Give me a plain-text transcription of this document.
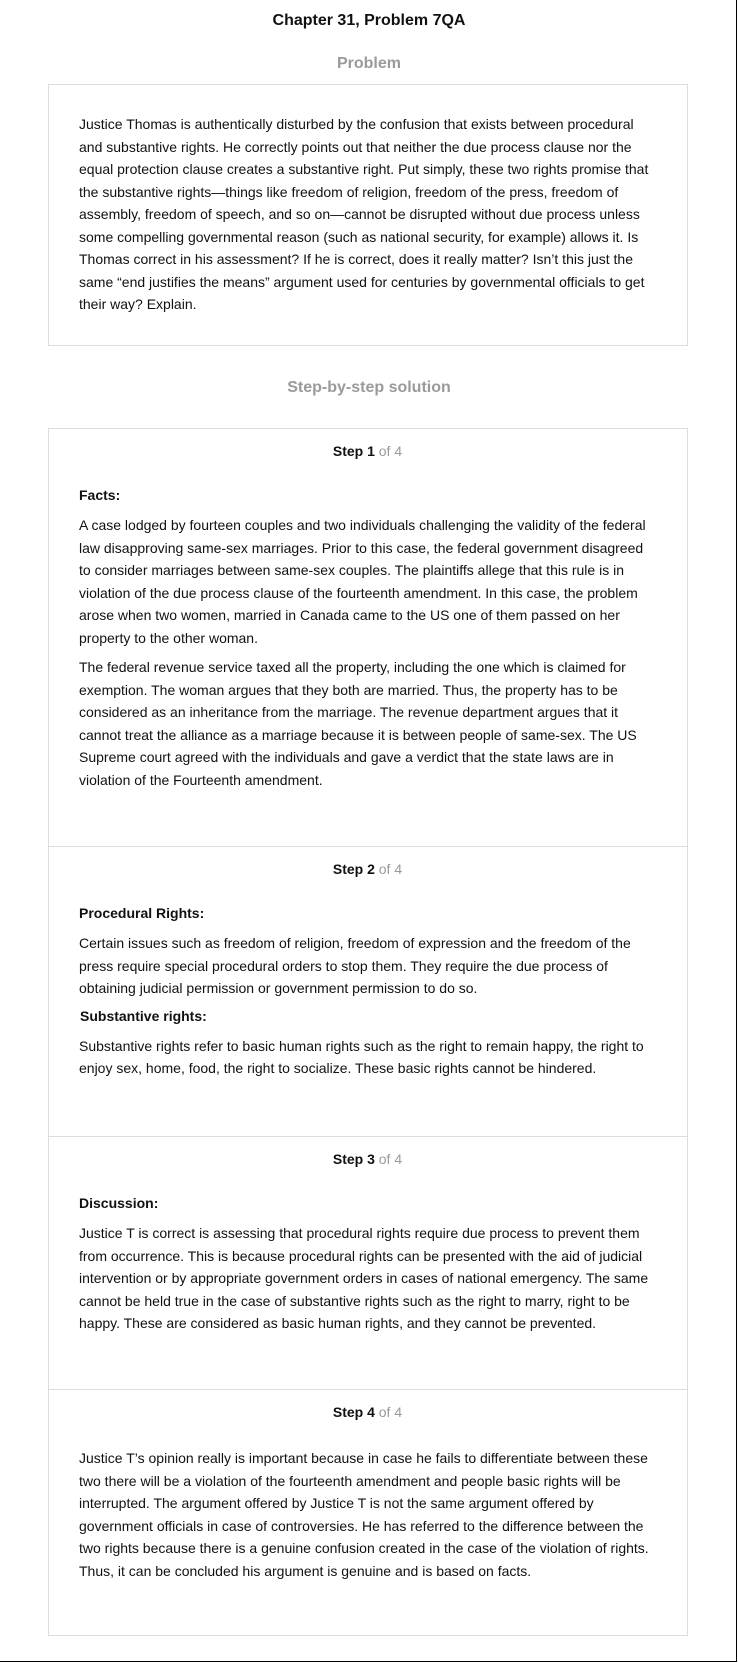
Chapter 31, Problem 7QA
Problem

Justice Thomas is authentically disturbed by the confusion that exists between procedural and substantive rights. He correctly points out that neither the due process clause nor the equal protection clause creates a substantive right. Put simply, these two rights promise that the substantive rights—things like freedom of religion, freedom of the press, freedom of assembly, freedom of speech, and so on—cannot be disrupted without due process unless some compelling governmental reason (such as national security, for example) allows it. Is Thomas correct in his assessment? If he is correct, does it really matter? Isn’t this just the same “end justifies the means” argument used for centuries by governmental officials to get their way? Explain.

Step-by-step solution
Step 1 of 4
Facts:

A case lodged by fourteen couples and two individuals challenging the validity of the federal law disapproving same-sex marriages. Prior to this case, the federal government disagreed to consider marriages between same-sex couples. The plaintiffs allege that this rule is in violation of the due process clause of the fourteenth amendment. In this case, the problem arose when two women, married in Canada came to the US one of them passed on her property to the other woman.

The federal revenue service taxed all the property, including the one which is claimed for exemption. The woman argues that they both are married. Thus, the property has to be considered as an inheritance from the marriage. The revenue department argues that it cannot treat the alliance as a marriage because it is between people of same-sex. The US Supreme court agreed with the individuals and gave a verdict that the state laws are in violation of the Fourteenth amendment.

Step 2 of 4
Procedural Rights:

Certain issues such as freedom of religion, freedom of expression and the freedom of the press require special procedural orders to stop them. They require the due process of obtaining judicial permission or government permission to do so.

Substantive rights:

Substantive rights refer to basic human rights such as the right to remain happy, the right to enjoy sex, home, food, the right to socialize. These basic rights cannot be hindered.

Step 3 of 4
Discussion:

Justice T is correct is assessing that procedural rights require due process to prevent them from occurrence. This is because procedural rights can be presented with the aid of judicial intervention or by appropriate government orders in cases of national emergency. The same cannot be held true in the case of substantive rights such as the right to marry, right to be happy. These are considered as basic human rights, and they cannot be prevented.

Step 4 of 4

Justice T’s opinion really is important because in case he fails to differentiate between these two there will be a violation of the fourteenth amendment and people basic rights will be interrupted. The argument offered by Justice T is not the same argument offered by government officials in case of controversies. He has referred to the difference between the two rights because there is a genuine confusion created in the case of the violation of rights. Thus, it can be concluded his argument is genuine and is based on facts.
